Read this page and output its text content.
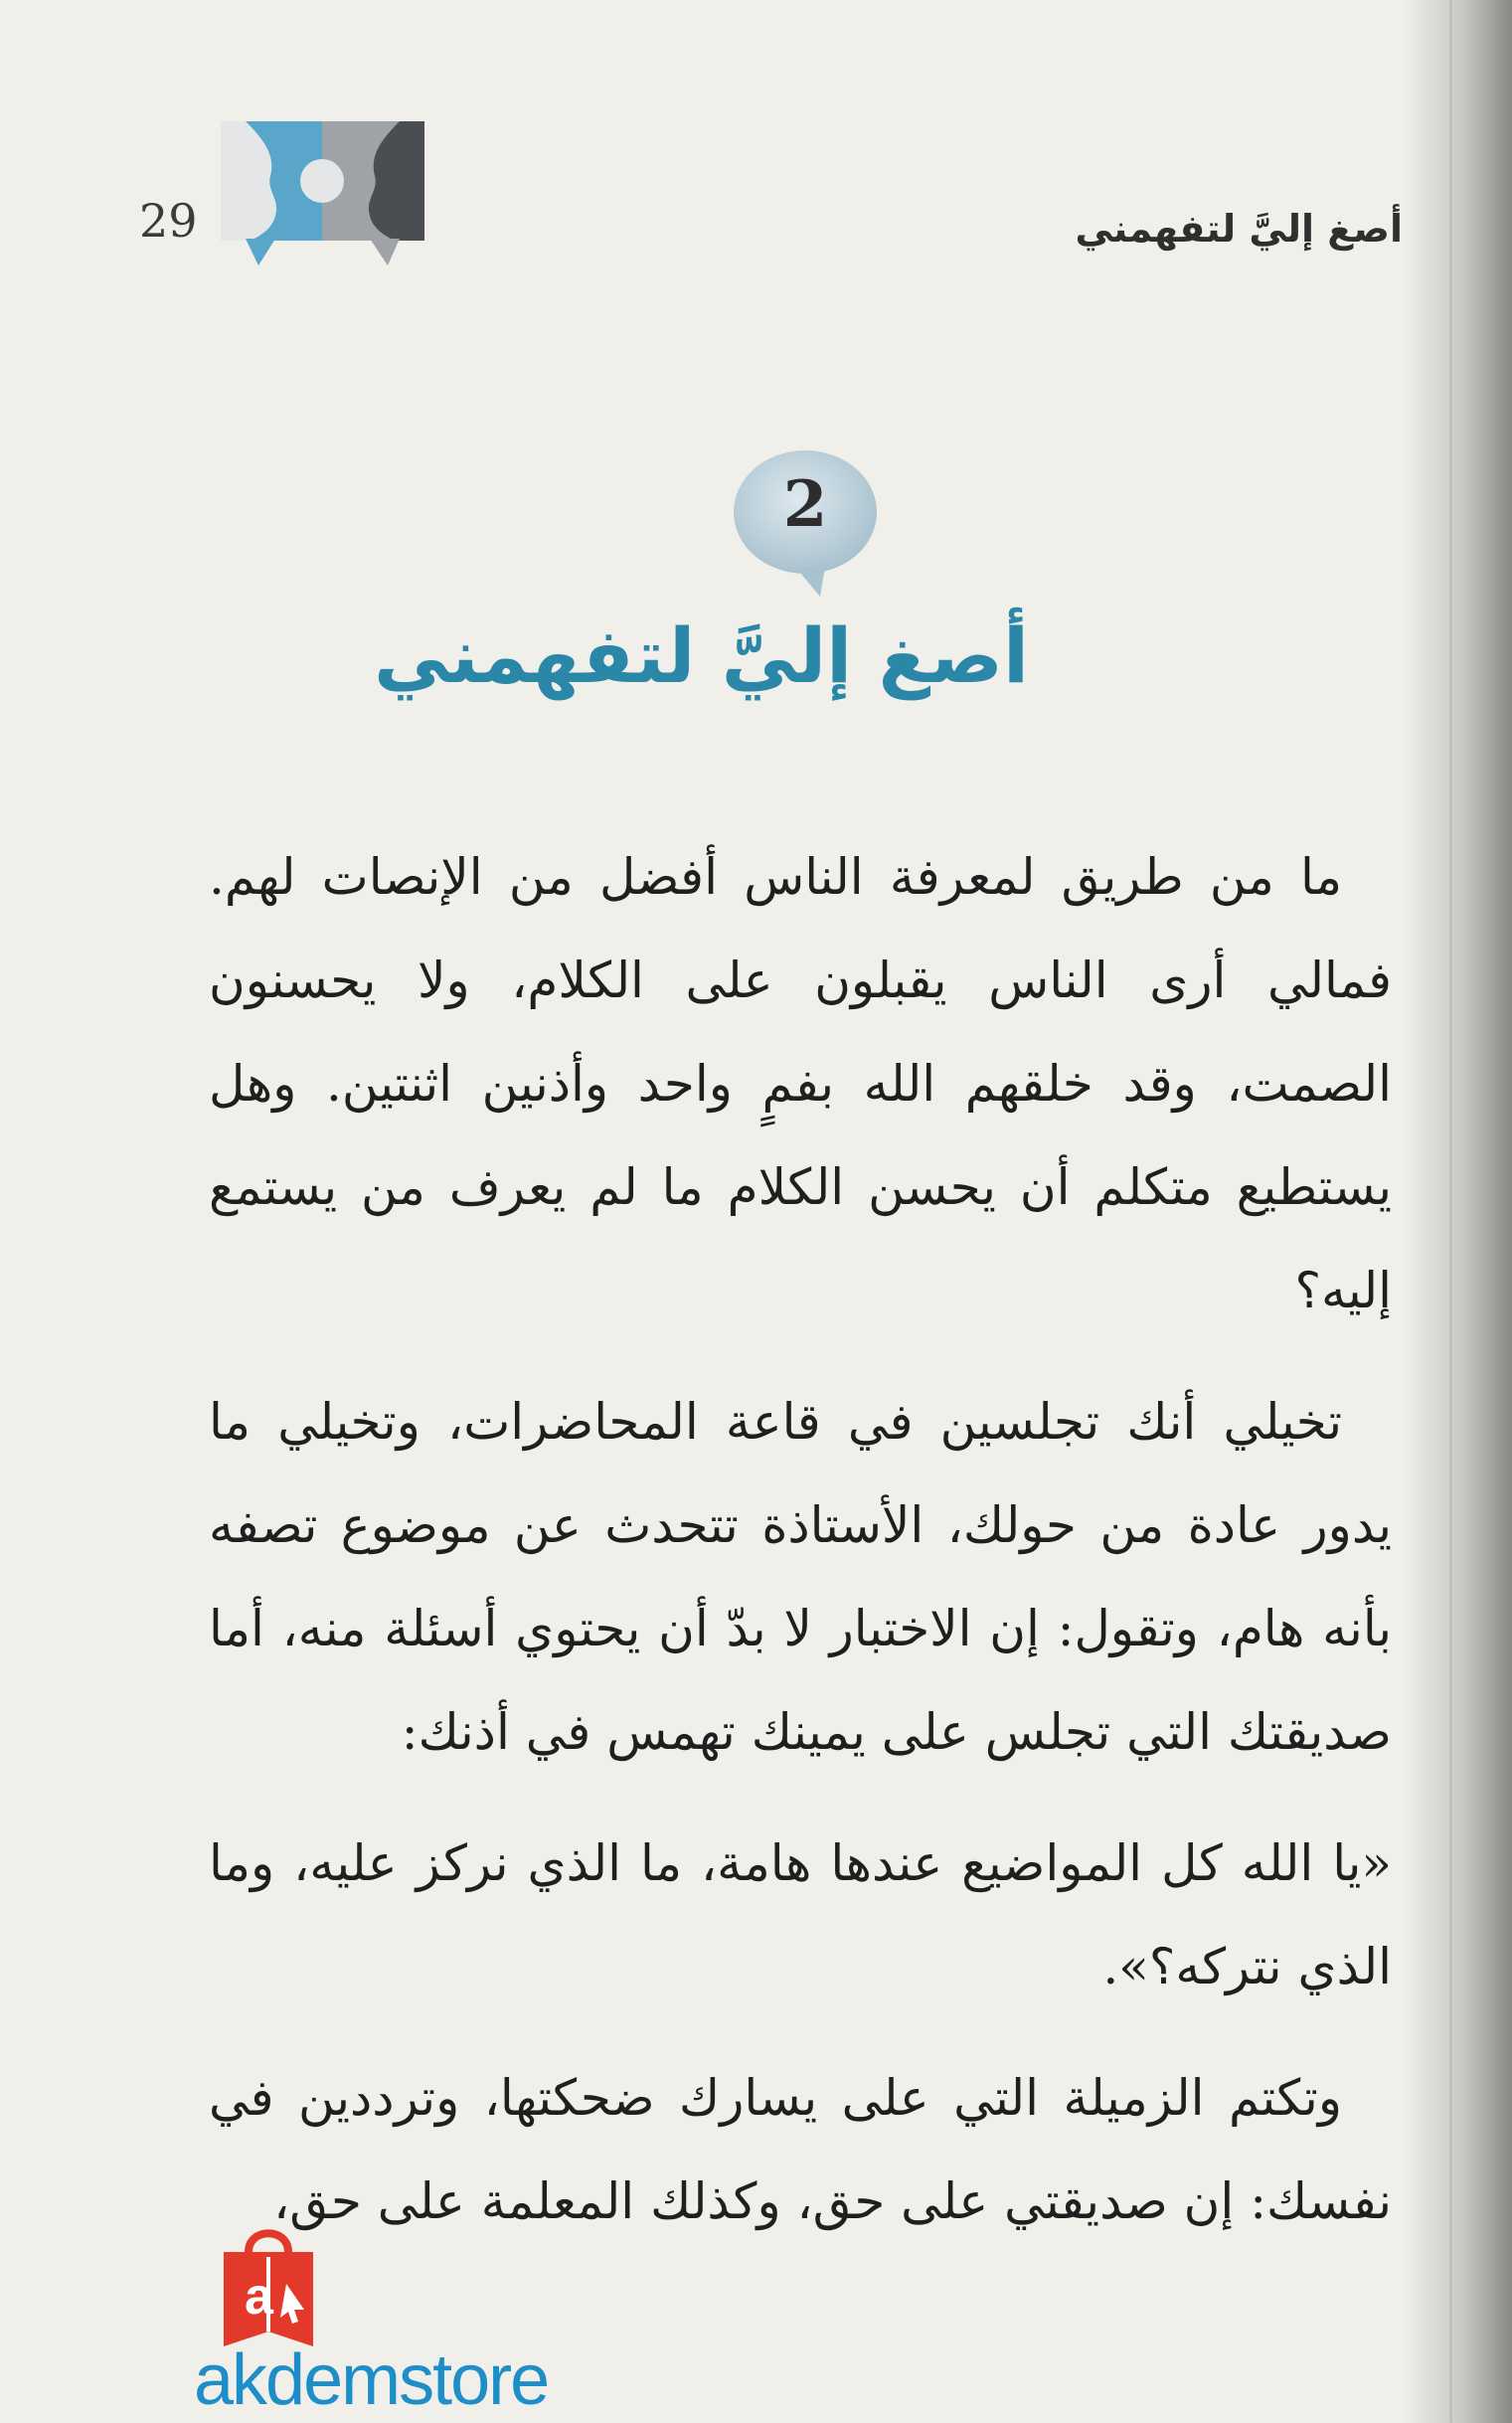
29	أصغ إليَّ لتفهمني
2
أصغ إليَّ لتفهمني

ما من طريق لمعرفة الناس أفضل من الإنصات لهم. فمالي أرى الناس يقبلون على الكلام، ولا يحسنون الصمت، وقد خلقهم الله بفمٍ واحد وأذنين اثنتين. وهل يستطيع متكلم أن يحسن الكلام ما لم يعرف من يستمع إليه؟

تخيلي أنك تجلسين في قاعة المحاضرات، وتخيلي ما يدور عادة من حولك، الأستاذة تتحدث عن موضوع تصفه بأنه هام، وتقول: إن الاختبار لا بدّ أن يحتوي أسئلة منه، أما صديقتك التي تجلس على يمينك تهمس في أذنك:

«يا الله كل المواضيع عندها هامة، ما الذي نركز عليه، وما الذي نتركه؟».

وتكتم الزميلة التي على يسارك ضحكتها، وترددين في نفسك: إن صديقتي على حق، وكذلك المعلمة على حق،

a
akdemstore
